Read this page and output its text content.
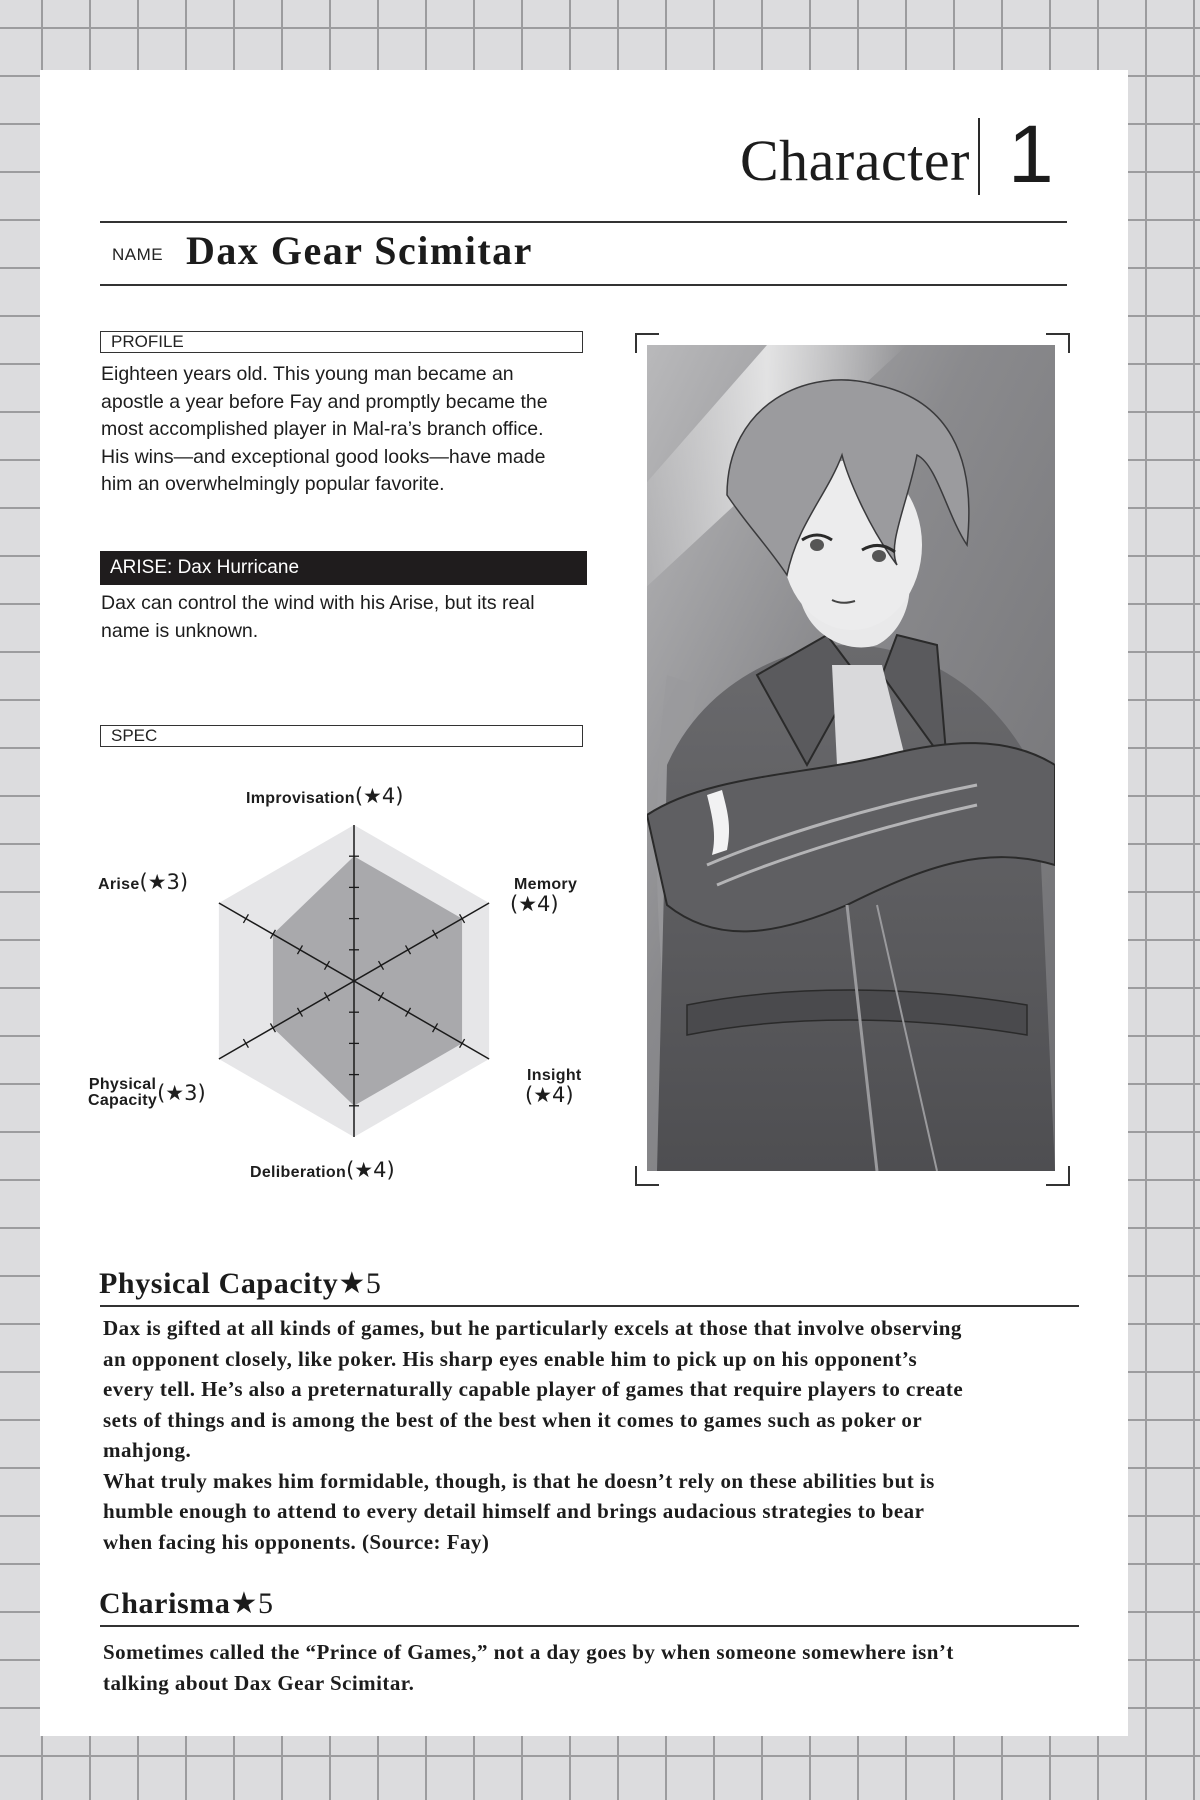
Character 1
NAME Dax Gear Scimitar
PROFILE
Eighteen years old. This young man became an
apostle a year before Fay and promptly became the
most accomplished player in Mal-ra’s branch office.
His wins—and exceptional good looks—have made
him an overwhelmingly popular favorite.
ARISE: Dax Hurricane
Dax can control the wind with his Arise, but its real
name is unknown.
SPEC
Improvisation(★4)
Memory
(★4)
Insight
(★4)
Deliberation(★4)
Physical
Capacity (★3)
Arise(★3)
Physical Capacity★5
Dax is gifted at all kinds of games, but he particularly excels at those that involve observing
an opponent closely, like poker. His sharp eyes enable him to pick up on his opponent’s
every tell. He’s also a preternaturally capable player of games that require players to create
sets of things and is among the best of the best when it comes to games such as poker or
mahjong.
What truly makes him formidable, though, is that he doesn’t rely on these abilities but is
humble enough to attend to every detail himself and brings audacious strategies to bear
when facing his opponents. (Source: Fay)
Charisma★5
Sometimes called the “Prince of Games,” not a day goes by when someone somewhere isn’t
talking about Dax Gear Scimitar.
